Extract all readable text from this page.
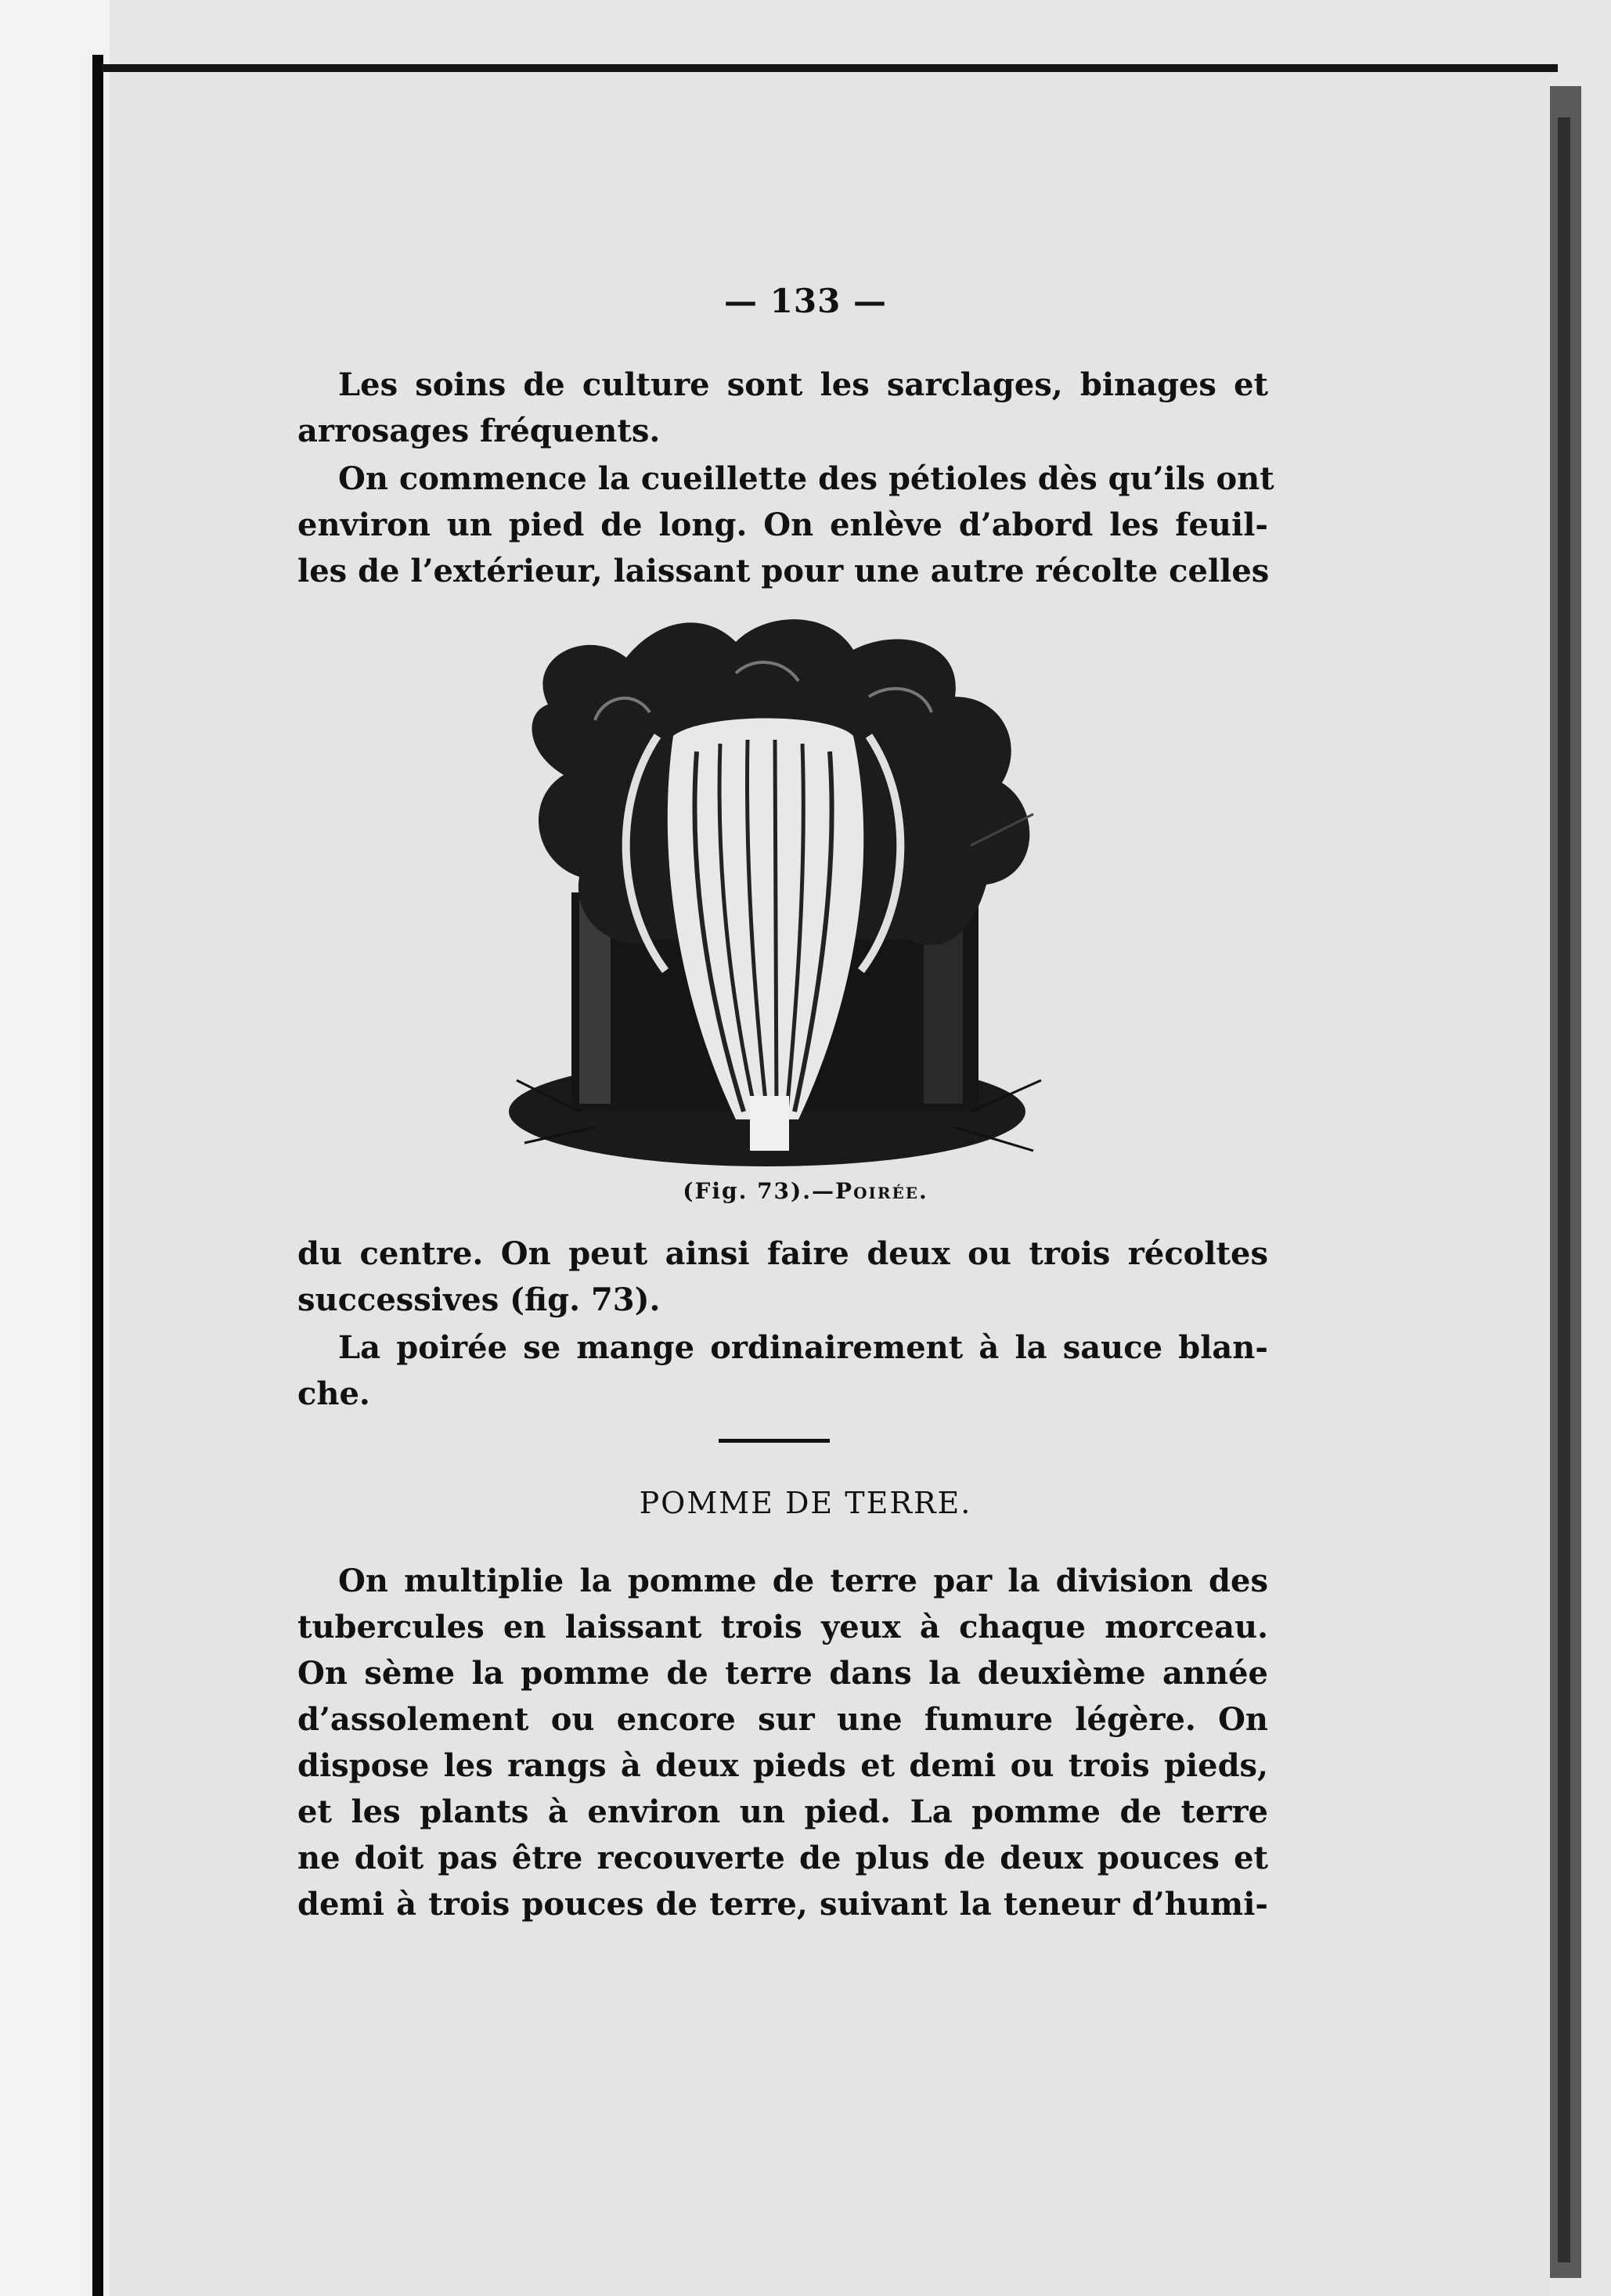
— 133 —

Les soins de culture sont les sarclages, binages et
arrosages fréquents.

On commence la cueillette des pétioles dès qu’ils ont
environ un pied de long. On enlève d’abord les feuil-
les de l’extérieur, laissant pour une autre récolte celles

(Fig. 73).—Poirée.

du centre. On peut ainsi faire deux ou trois récoltes
successives (fig. 73).

La poirée se mange ordinairement à la sauce blan-
che.

POMME DE TERRE.

On multiplie la pomme de terre par la division des
tubercules en laissant trois yeux à chaque morceau.
On sème la pomme de terre dans la deuxième année
d’assolement ou encore sur une fumure légère. On
dispose les rangs à deux pieds et demi ou trois pieds,
et les plants à environ un pied. La pomme de terre
ne doit pas être recouverte de plus de deux pouces et
demi à trois pouces de terre, suivant la teneur d’humi-
